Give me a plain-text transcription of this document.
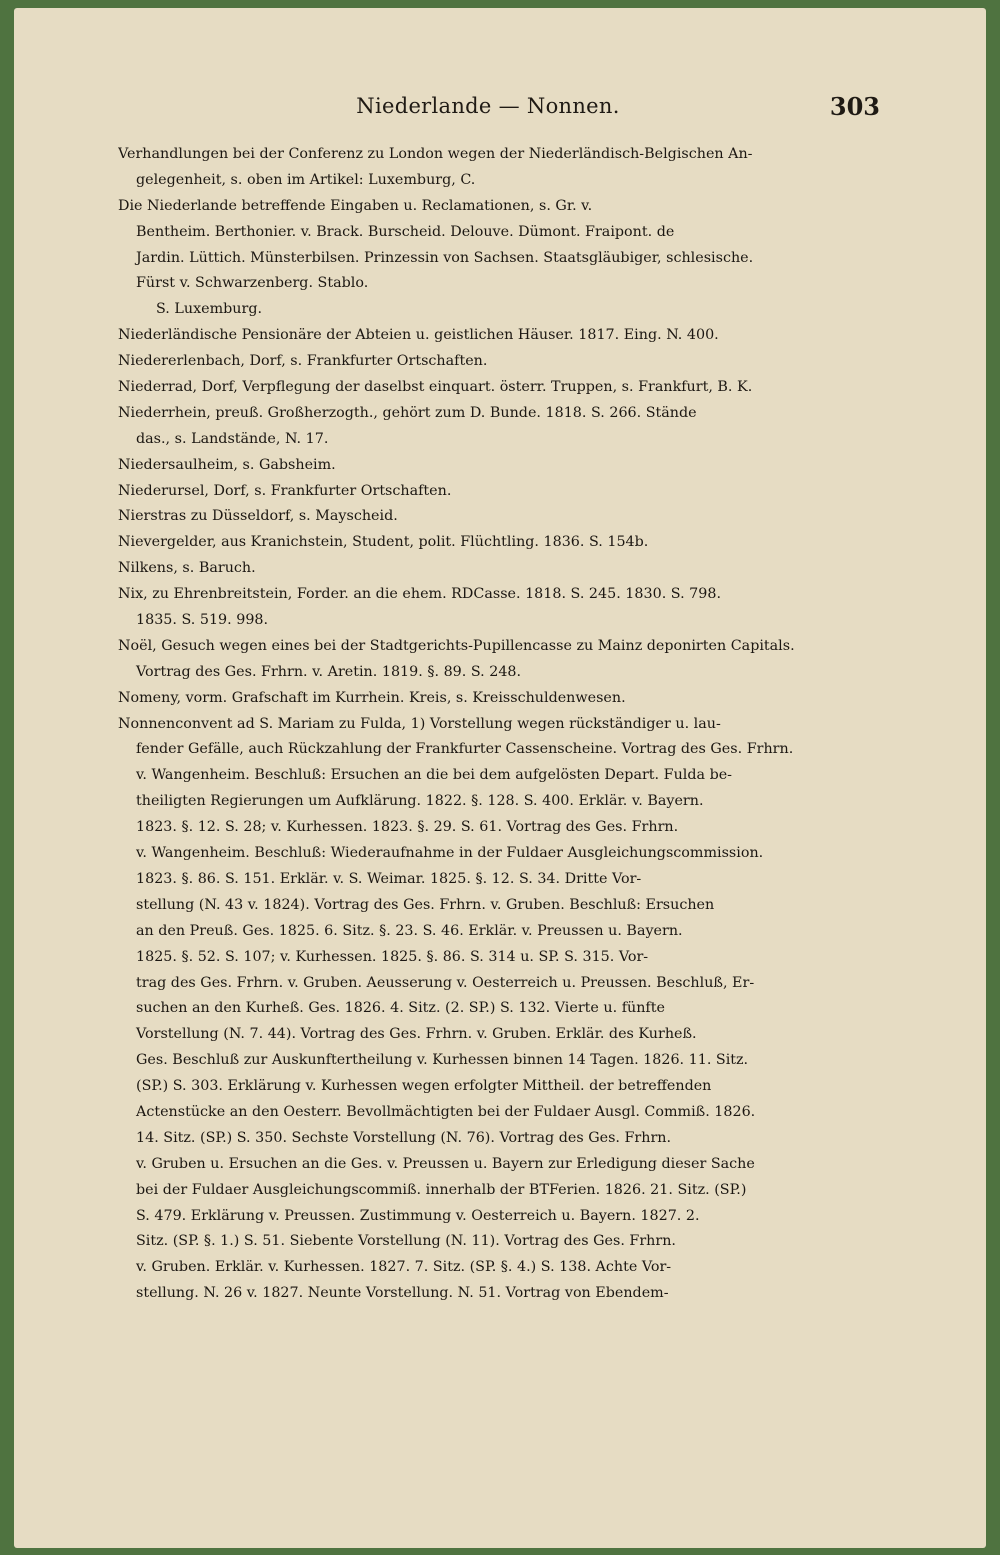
Niederlande — Nonnen.	303
Verhandlungen bei der Conferenz zu London wegen der Niederländisch-Belgischen An-
gelegenheit, s. oben im Artikel: Luxemburg, C.
Die Niederlande betreffende Eingaben u. Reclamationen, s. Gr. v.
Bentheim. Berthonier. v. Brack. Burscheid. Delouve. Dümont. Fraipont. de
Jardin. Lüttich. Münsterbilsen. Prinzessin von Sachsen. Staatsgläubiger, schlesische.
Fürst v. Schwarzenberg. Stablo.
S. Luxemburg.
Niederländische Pensionäre der Abteien u. geistlichen Häuser. 1817. Eing. N. 400.
Niedererlenbach, Dorf, s. Frankfurter Ortschaften.
Niederrad, Dorf, Verpflegung der daselbst einquart. österr. Truppen, s. Frankfurt, B. K.
Niederrhein, preuß. Großherzogth., gehört zum D. Bunde. 1818. S. 266. Stände
das., s. Landstände, N. 17.
Niedersaulheim, s. Gabsheim.
Niederursel, Dorf, s. Frankfurter Ortschaften.
Nierstras zu Düsseldorf, s. Mayscheid.
Nievergelder, aus Kranichstein, Student, polit. Flüchtling. 1836. S. 154b.
Nilkens, s. Baruch.
Nix, zu Ehrenbreitstein, Forder. an die ehem. RDCasse. 1818. S. 245. 1830. S. 798.
1835. S. 519. 998.
Noël, Gesuch wegen eines bei der Stadtgerichts-Pupillencasse zu Mainz deponirten Capitals.
Vortrag des Ges. Frhrn. v. Aretin. 1819. §. 89. S. 248.
Nomeny, vorm. Grafschaft im Kurrhein. Kreis, s. Kreisschuldenwesen.
Nonnenconvent ad S. Mariam zu Fulda, 1) Vorstellung wegen rückständiger u. lau-
fender Gefälle, auch Rückzahlung der Frankfurter Cassenscheine. Vortrag des Ges. Frhrn.
v. Wangenheim. Beschluß: Ersuchen an die bei dem aufgelösten Depart. Fulda be-
theiligten Regierungen um Aufklärung. 1822. §. 128. S. 400. Erklär. v. Bayern.
1823. §. 12. S. 28; v. Kurhessen. 1823. §. 29. S. 61. Vortrag des Ges. Frhrn.
v. Wangenheim. Beschluß: Wiederaufnahme in der Fuldaer Ausgleichungscommission.
1823. §. 86. S. 151. Erklär. v. S. Weimar. 1825. §. 12. S. 34. Dritte Vor-
stellung (N. 43 v. 1824). Vortrag des Ges. Frhrn. v. Gruben. Beschluß: Ersuchen
an den Preuß. Ges. 1825. 6. Sitz. §. 23. S. 46. Erklär. v. Preussen u. Bayern.
1825. §. 52. S. 107; v. Kurhessen. 1825. §. 86. S. 314 u. SP. S. 315. Vor-
trag des Ges. Frhrn. v. Gruben. Aeusserung v. Oesterreich u. Preussen. Beschluß, Er-
suchen an den Kurheß. Ges. 1826. 4. Sitz. (2. SP.) S. 132. Vierte u. fünfte
Vorstellung (N. 7. 44). Vortrag des Ges. Frhrn. v. Gruben. Erklär. des Kurheß.
Ges. Beschluß zur Auskunftertheilung v. Kurhessen binnen 14 Tagen. 1826. 11. Sitz.
(SP.) S. 303. Erklärung v. Kurhessen wegen erfolgter Mittheil. der betreffenden
Actenstücke an den Oesterr. Bevollmächtigten bei der Fuldaer Ausgl. Commiß. 1826.
14. Sitz. (SP.) S. 350. Sechste Vorstellung (N. 76). Vortrag des Ges. Frhrn.
v. Gruben u. Ersuchen an die Ges. v. Preussen u. Bayern zur Erledigung dieser Sache
bei der Fuldaer Ausgleichungscommiß. innerhalb der BTFerien. 1826. 21. Sitz. (SP.)
S. 479. Erklärung v. Preussen. Zustimmung v. Oesterreich u. Bayern. 1827. 2.
Sitz. (SP. §. 1.) S. 51. Siebente Vorstellung (N. 11). Vortrag des Ges. Frhrn.
v. Gruben. Erklär. v. Kurhessen. 1827. 7. Sitz. (SP. §. 4.) S. 138. Achte Vor-
stellung. N. 26 v. 1827. Neunte Vorstellung. N. 51. Vortrag von Ebendem-
